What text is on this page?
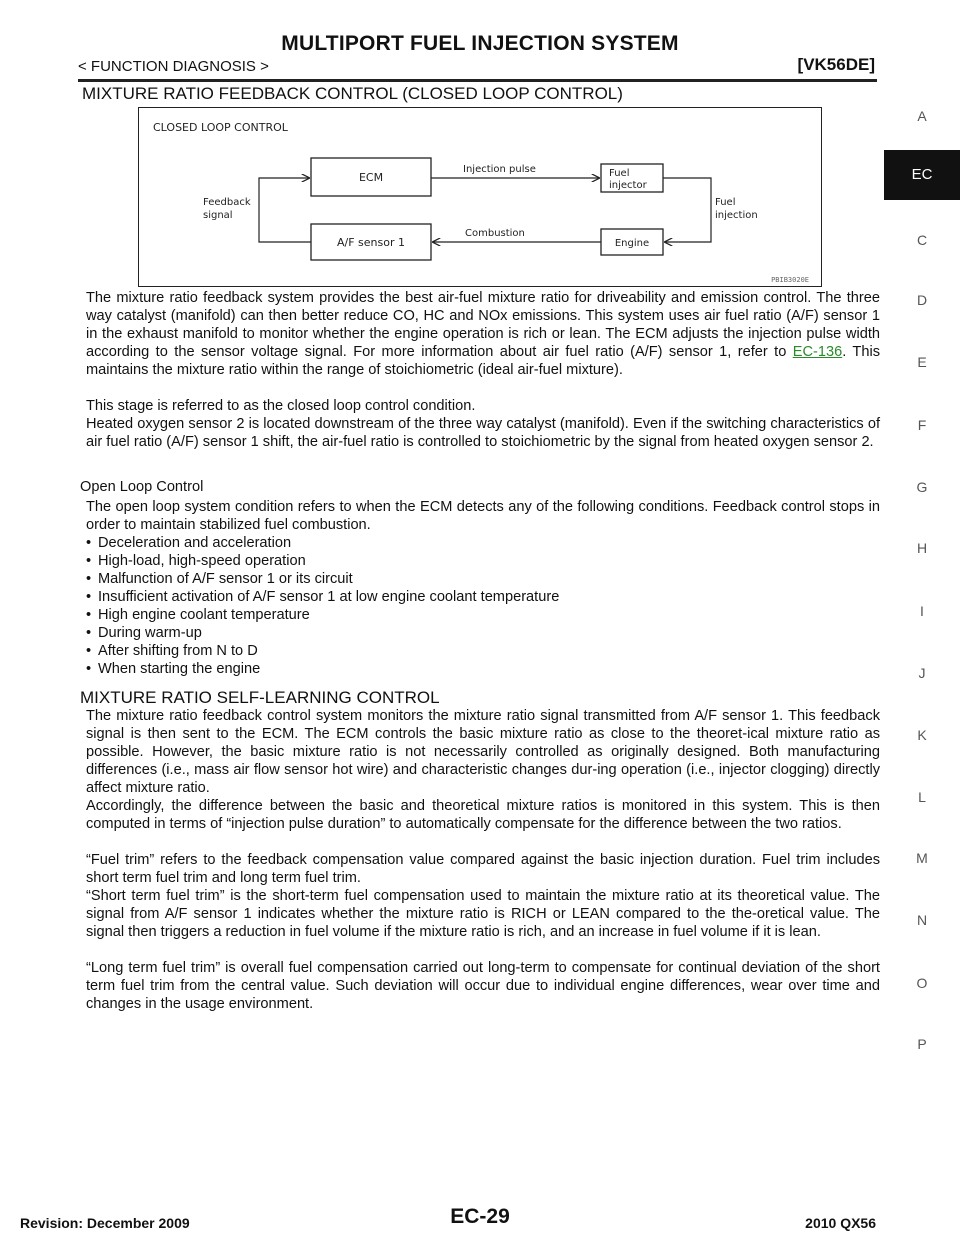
MULTIPORT FUEL INJECTION SYSTEM
< FUNCTION DIAGNOSIS >	[VK56DE]
MIXTURE RATIO FEEDBACK CONTROL (CLOSED LOOP CONTROL)
CLOSED LOOP CONTROL
ECM
A/F sensor 1
Fuel
injector
Engine
Injection pulse
Combustion
Feedback
signal
Fuel
injection
PBIB3020E

The mixture ratio feedback system provides the best air-fuel mixture ratio for driveability and emission control. The three way catalyst (manifold) can then better reduce CO, HC and NOx emissions. This system uses air fuel ratio (A/F) sensor 1 in the exhaust manifold to monitor whether the engine operation is rich or lean. The ECM adjusts the injection pulse width according to the sensor voltage signal. For more information about air fuel ratio (A/F) sensor 1, refer to EC-136. This maintains the mixture ratio within the range of stoichiometric (ideal air-fuel mixture).

This stage is referred to as the closed loop control condition.

Heated oxygen sensor 2 is located downstream of the three way catalyst (manifold). Even if the switching characteristics of air fuel ratio (A/F) sensor 1 shift, the air-fuel ratio is controlled to stoichiometric by the signal from heated oxygen sensor 2.

Open Loop Control

The open loop system condition refers to when the ECM detects any of the following conditions. Feedback control stops in order to maintain stabilized fuel combustion.

• Deceleration and acceleration
• High-load, high-speed operation
• Malfunction of A/F sensor 1 or its circuit
• Insufficient activation of A/F sensor 1 at low engine coolant temperature
• High engine coolant temperature
• During warm-up
• After shifting from N to D
• When starting the engine
MIXTURE RATIO SELF-LEARNING CONTROL

The mixture ratio feedback control system monitors the mixture ratio signal transmitted from A/F sensor 1. This feedback signal is then sent to the ECM. The ECM controls the basic mixture ratio as close to the theoret-ical mixture ratio as possible. However, the basic mixture ratio is not necessarily controlled as originally designed. Both manufacturing differences (i.e., mass air flow sensor hot wire) and characteristic changes dur-ing operation (i.e., injector clogging) directly affect mixture ratio.

Accordingly, the difference between the basic and theoretical mixture ratios is monitored in this system. This is then computed in terms of “injection pulse duration” to automatically compensate for the difference between the two ratios.

“Fuel trim” refers to the feedback compensation value compared against the basic injection duration. Fuel trim includes short term fuel trim and long term fuel trim.

“Short term fuel trim” is the short-term fuel compensation used to maintain the mixture ratio at its theoretical value. The signal from A/F sensor 1 indicates whether the mixture ratio is RICH or LEAN compared to the the-oretical value. The signal then triggers a reduction in fuel volume if the mixture ratio is rich, and an increase in fuel volume if it is lean.

“Long term fuel trim” is overall fuel compensation carried out long-term to compensate for continual deviation of the short term fuel trim from the central value. Such deviation will occur due to individual engine differences, wear over time and changes in the usage environment.

A
C
D
E
F
G
H
I
J
K
L
M
N
O
P
EC
EC-29
Revision: December 2009	2010 QX56
